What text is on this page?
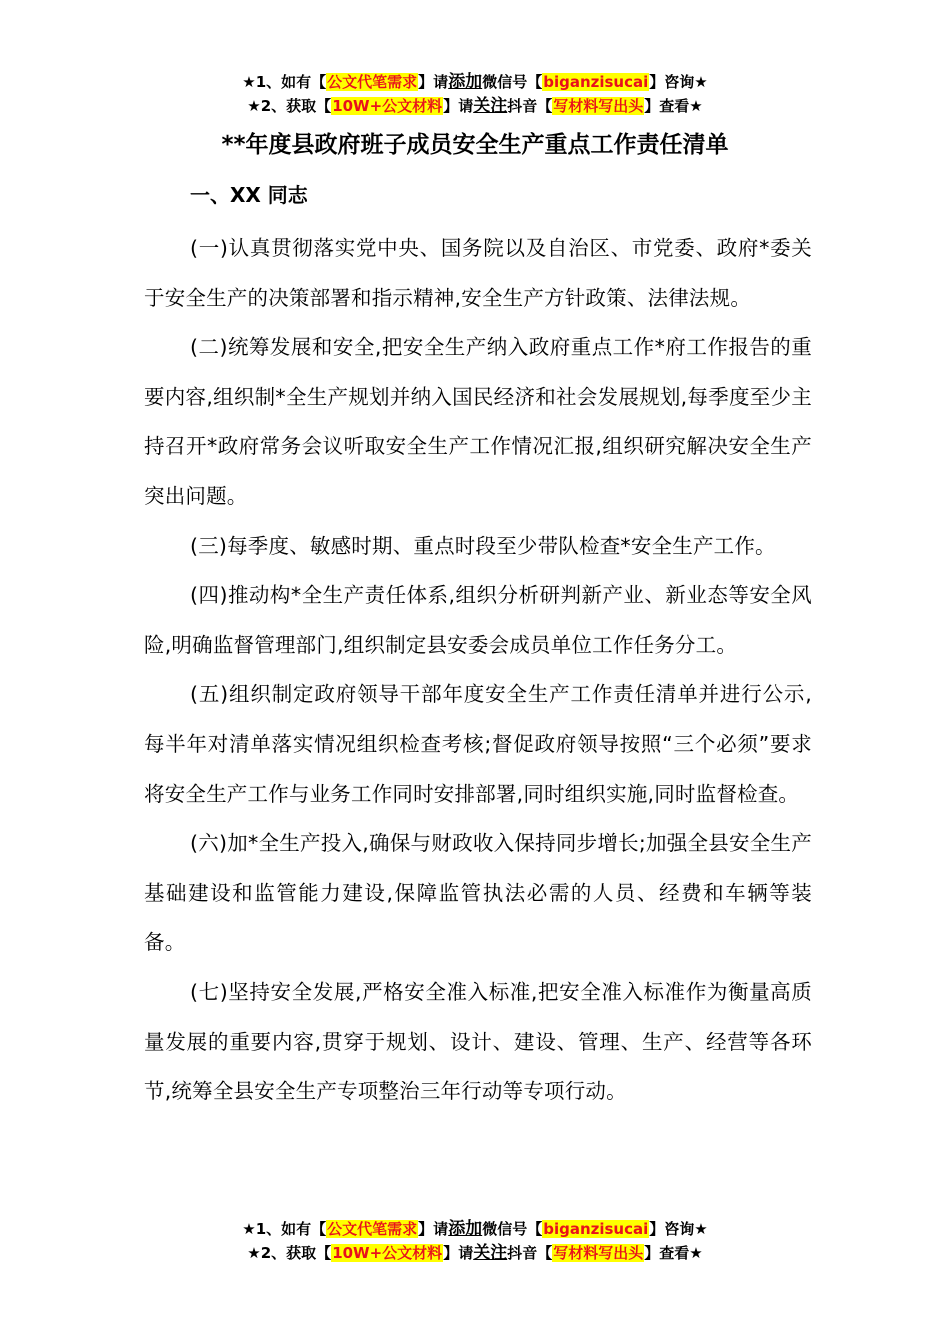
★1、如有【公文代笔需求】请添加微信号【biganzisucai】咨询★
★2、获取【10W+公文材料】请关注抖音【写材料写出头】查看★
**年度县政府班子成员安全生产重点工作责任清单
一、XX 同志

(一)认真贯彻落实党中央、国务院以及自治区、市党委、政府*委关于安全生产的决策部署和指示精神,安全生产方针政策、法律法规。

(二)统筹发展和安全,把安全生产纳入政府重点工作*府工作报告的重要内容,组织制*全生产规划并纳入国民经济和社会发展规划,每季度至少主持召开*政府常务会议听取安全生产工作情况汇报,组织研究解决安全生产突出问题。

(三)每季度、敏感时期、重点时段至少带队检查*安全生产工作。

(四)推动构*全生产责任体系,组织分析研判新产业、新业态等安全风险,明确监督管理部门,组织制定县安委会成员单位工作任务分工。

(五)组织制定政府领导干部年度安全生产工作责任清单并进行公示,每半年对清单落实情况组织检查考核;督促政府领导按照“三个必须”要求将安全生产工作与业务工作同时安排部署,同时组织实施,同时监督检查。

(六)加*全生产投入,确保与财政收入保持同步增长;加强全县安全生产基础建设和监管能力建设,保障监管执法必需的人员、经费和车辆等装备。

(七)坚持安全发展,严格安全准入标准,把安全准入标准作为衡量高质量发展的重要内容,贯穿于规划、设计、建设、管理、生产、经营等各环节,统筹全县安全生产专项整治三年行动等专项行动。

★1、如有【公文代笔需求】请添加微信号【biganzisucai】咨询★
★2、获取【10W+公文材料】请关注抖音【写材料写出头】查看★
